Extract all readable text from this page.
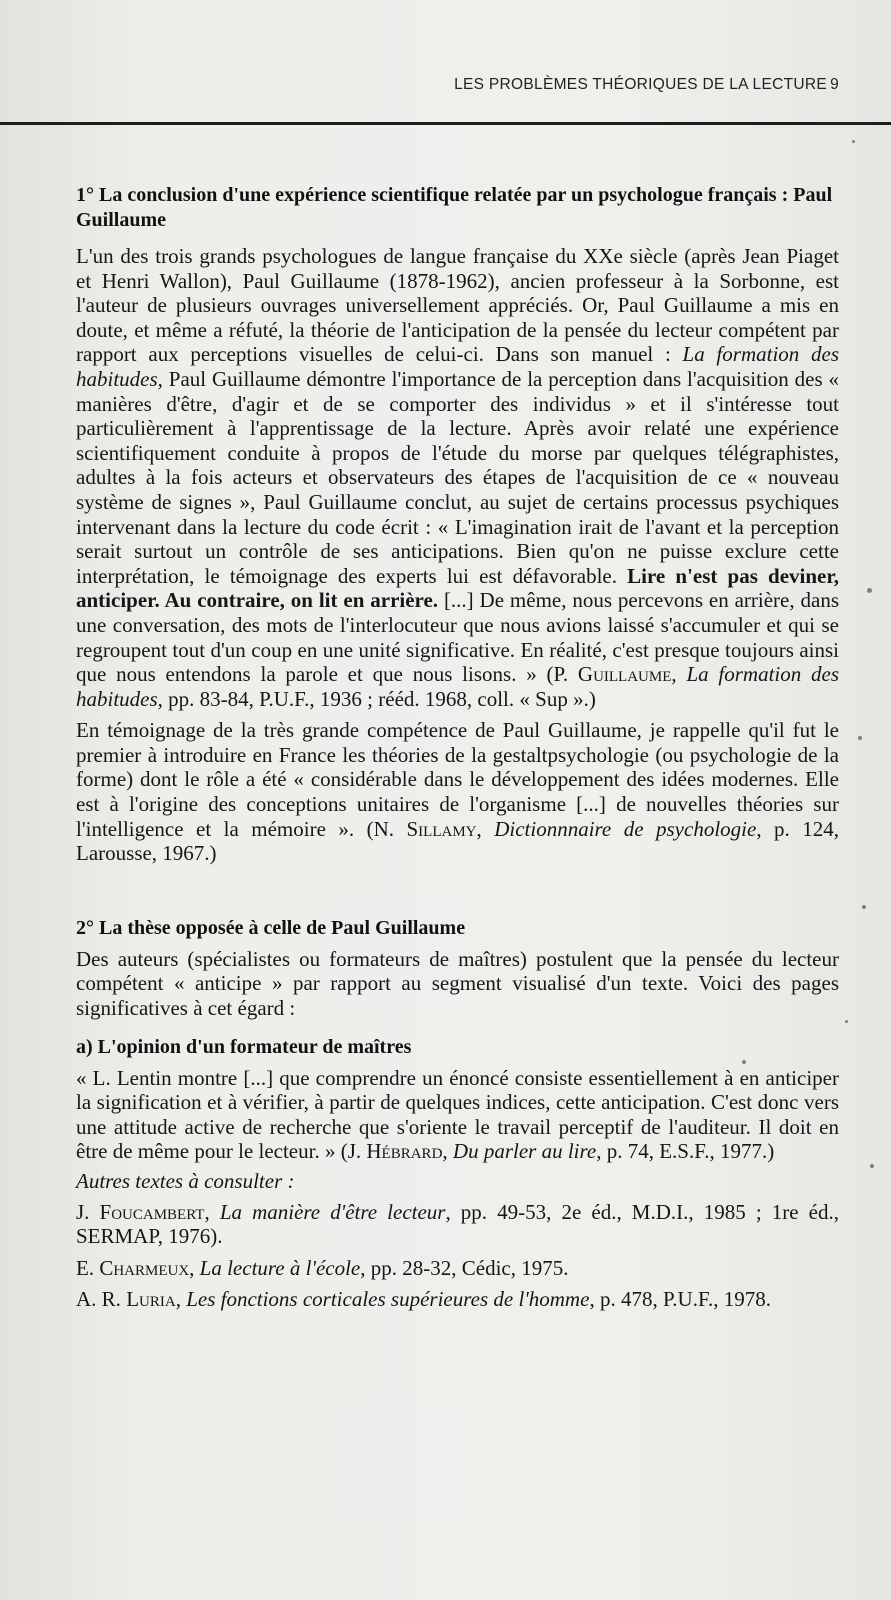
LES PROBLÈMES THÉORIQUES DE LA LECTURE 9
1° La conclusion d'une expérience scientifique relatée par un psychologue français : Paul Guillaume

L'un des trois grands psychologues de langue française du XXe siècle (après Jean Piaget et Henri Wallon), Paul Guillaume (1878-1962), ancien professeur à la Sorbonne, est l'auteur de plusieurs ouvrages universellement appréciés. Or, Paul Guillaume a mis en doute, et même a réfuté, la théorie de l'anticipation de la pensée du lecteur compétent par rapport aux perceptions visuelles de celui-ci. Dans son manuel : La formation des habitudes, Paul Guillaume démontre l'importance de la perception dans l'acquisition des « manières d'être, d'agir et de se comporter des individus » et il s'intéresse tout particulièrement à l'apprentissage de la lecture. Après avoir relaté une expérience scientifiquement conduite à propos de l'étude du morse par quelques télégraphistes, adultes à la fois acteurs et observateurs des étapes de l'acquisition de ce « nouveau système de signes », Paul Guillaume conclut, au sujet de certains processus psychiques intervenant dans la lecture du code écrit : « L'imagination irait de l'avant et la perception serait surtout un contrôle de ses anticipations. Bien qu'on ne puisse exclure cette interprétation, le témoignage des experts lui est défavorable. Lire n'est pas deviner, anticiper. Au contraire, on lit en arrière. [...] De même, nous percevons en arrière, dans une conversation, des mots de l'interlocuteur que nous avions laissé s'accumuler et qui se regroupent tout d'un coup en une unité significative. En réalité, c'est presque toujours ainsi que nous entendons la parole et que nous lisons. » (P. Guillaume, La formation des habitudes, pp. 83-84, P.U.F., 1936 ; rééd. 1968, coll. « Sup ».)

En témoignage de la très grande compétence de Paul Guillaume, je rappelle qu'il fut le premier à introduire en France les théories de la gestaltpsychologie (ou psychologie de la forme) dont le rôle a été « considérable dans le développement des idées modernes. Elle est à l'origine des conceptions unitaires de l'organisme [...] de nouvelles théories sur l'intelligence et la mémoire ». (N. Sillamy, Dictionnnaire de psychologie, p. 124, Larousse, 1967.)

2° La thèse opposée à celle de Paul Guillaume

Des auteurs (spécialistes ou formateurs de maîtres) postulent que la pensée du lecteur compétent « anticipe » par rapport au segment visualisé d'un texte. Voici des pages significatives à cet égard :

a) L'opinion d'un formateur de maîtres

« L. Lentin montre [...] que comprendre un énoncé consiste essentiellement à en anticiper la signification et à vérifier, à partir de quelques indices, cette anticipation. C'est donc vers une attitude active de recherche que s'oriente le travail perceptif de l'auditeur. Il doit en être de même pour le lecteur. » (J. Hébrard, Du parler au lire, p. 74, E.S.F., 1977.)

Autres textes à consulter :

J. Foucambert, La manière d'être lecteur, pp. 49-53, 2e éd., M.D.I., 1985 ; 1re éd., SERMAP, 1976).

E. Charmeux, La lecture à l'école, pp. 28-32, Cédic, 1975.

A. R. Luria, Les fonctions corticales supérieures de l'homme, p. 478, P.U.F., 1978.
